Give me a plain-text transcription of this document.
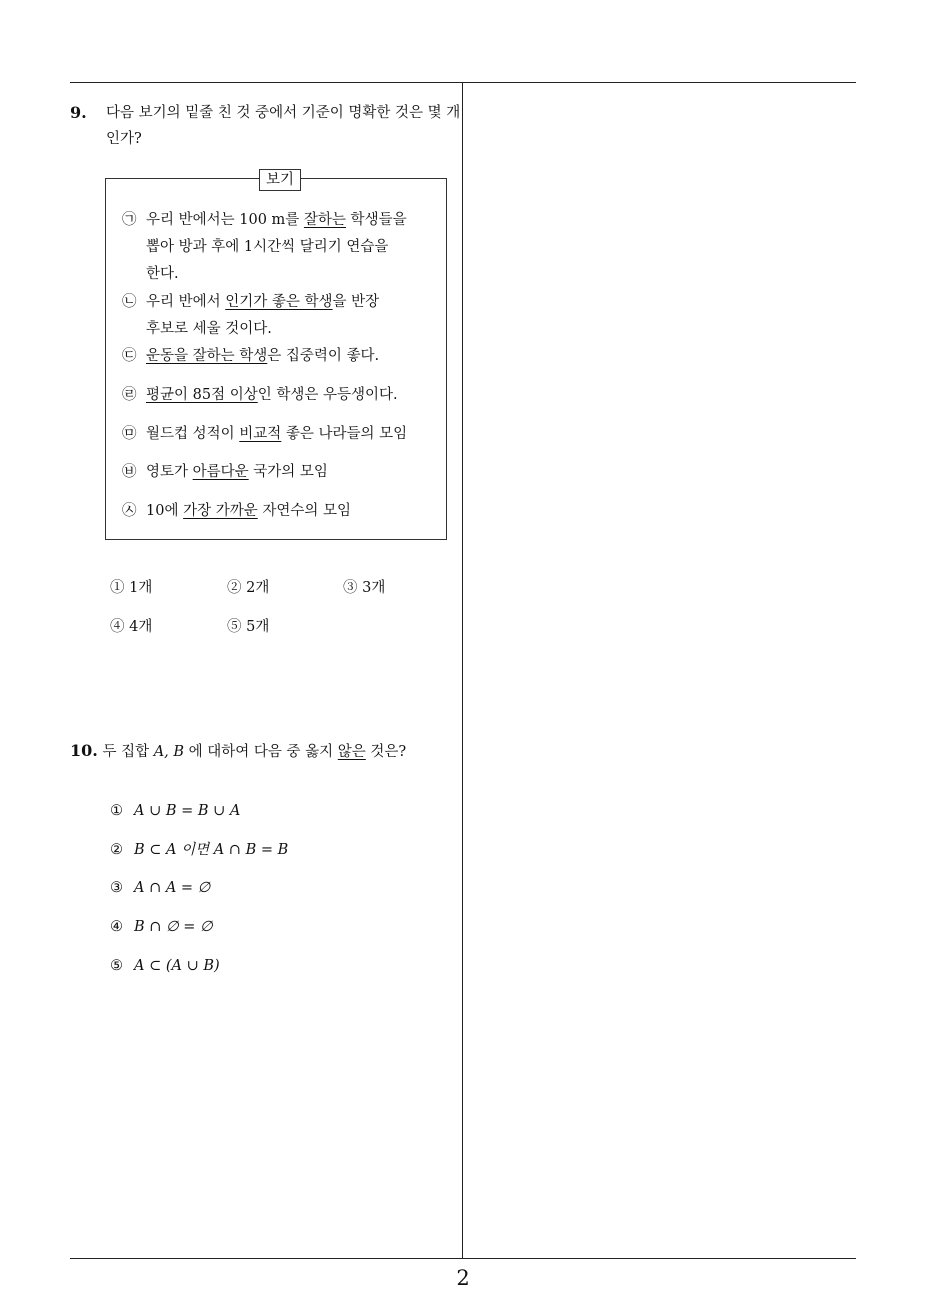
9. 다음 보기의 밑줄 친 것 중에서 기준이 명확한 것은 몇 개인가?
보기
㉠ 우리 반에서는 100 m를 잘하는 학생들을
뽑아 방과 후에 1시간씩 달리기 연습을
한다.
㉡ 우리 반에서 인기가 좋은 학생을 반장
후보로 세울 것이다.
㉢ 운동을 잘하는 학생은 집중력이 좋다.
㉣ 평균이 85점 이상인 학생은 우등생이다.
㉤ 월드컵 성적이 비교적 좋은 나라들의 모임
㉥ 영토가 아름다운 국가의 모임
㉦ 10에 가장 가까운 자연수의 모임
① 1개	② 2개	③ 3개
④ 4개	⑤ 5개
10. 두 집합 A, B 에 대하여 다음 중 옳지 않은 것은?
① A ∪ B = B ∪ A
② B ⊂ A 이면 A ∩ B = B
③ A ∩ A = ∅
④ B ∩ ∅ = ∅
⑤ A ⊂ (A ∪ B)
2
